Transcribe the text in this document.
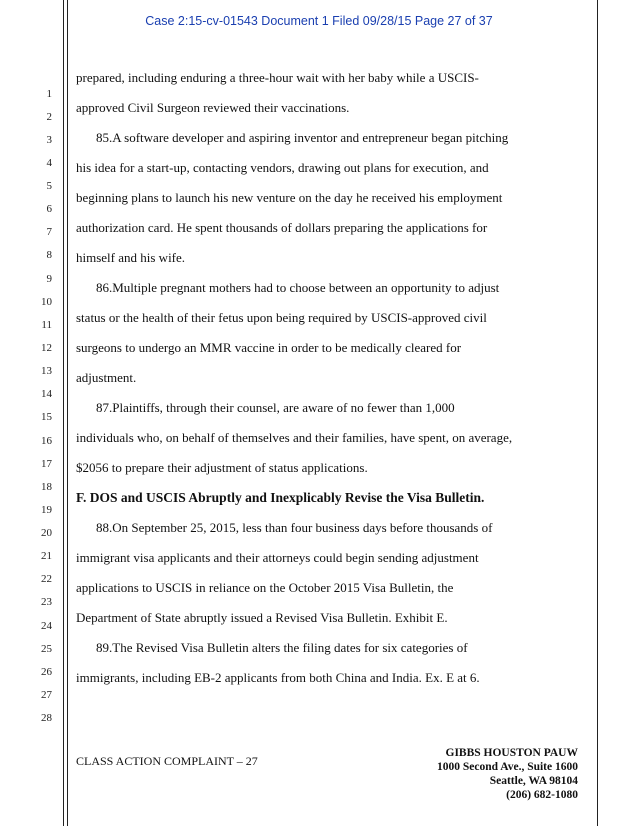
Case 2:15-cv-01543 Document 1 Filed 09/28/15 Page 27 of 37
1
2
3
4
5
6
7
8
9
10
11
12
13
14
15
16
17
18
19
20
21
22
23
24
25
26
27
28
prepared, including enduring a three-hour wait with her baby while a USCIS-
approved Civil Surgeon reviewed their vaccinations.
85.A software developer and aspiring inventor and entrepreneur began pitching
his idea for a start-up, contacting vendors, drawing out plans for execution, and
beginning plans to launch his new venture on the day he received his employment
authorization card. He spent thousands of dollars preparing the applications for
himself and his wife.
86.Multiple pregnant mothers had to choose between an opportunity to adjust
status or the health of their fetus upon being required by USCIS-approved civil
surgeons to undergo an MMR vaccine in order to be medically cleared for
adjustment.
87.Plaintiffs, through their counsel, are aware of no fewer than 1,000
individuals who, on behalf of themselves and their families, have spent, on average,
$2056 to prepare their adjustment of status applications.
F. DOS and USCIS Abruptly and Inexplicably Revise the Visa Bulletin.
88.On September 25, 2015, less than four business days before thousands of
immigrant visa applicants and their attorneys could begin sending adjustment
applications to USCIS in reliance on the October 2015 Visa Bulletin, the
Department of State abruptly issued a Revised Visa Bulletin. Exhibit E.
89.The Revised Visa Bulletin alters the filing dates for six categories of
immigrants, including EB-2 applicants from both China and India. Ex. E at 6.
CLASS ACTION COMPLAINT – 27
GIBBS HOUSTON PAUW
1000 Second Ave., Suite 1600
Seattle, WA 98104
(206) 682-1080
